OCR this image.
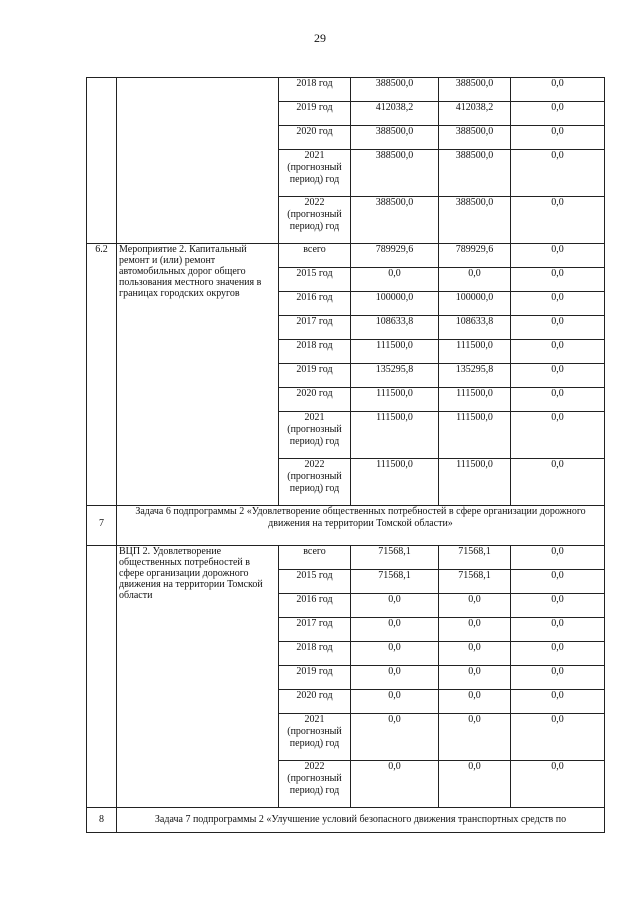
29
		2018 год	388500,0	388500,0	0,0
		2019 год	412038,2	412038,2	0,0
		2020 год	388500,0	388500,0	0,0
		2021 (прогнозный период) год	388500,0	388500,0	0,0
		2022 (прогнозный период) год	388500,0	388500,0	0,0
6.2	Мероприятие 2. Капитальный ремонт и (или) ремонт автомобильных дорог общего пользования местного значения в границах городских округов	всего	789929,6	789929,6	0,0
		2015 год	0,0	0,0	0,0
		2016 год	100000,0	100000,0	0,0
		2017 год	108633,8	108633,8	0,0
		2018 год	111500,0	111500,0	0,0
		2019 год	135295,8	135295,8	0,0
		2020 год	111500,0	111500,0	0,0
		2021 (прогнозный период) год	111500,0	111500,0	0,0
		2022 (прогнозный период) год	111500,0	111500,0	0,0
7	Задача 6 подпрограммы 2 «Удовлетворение общественных потребностей в сфере организации дорожного движения на территории Томской области»				
	ВЦП 2. Удовлетворение общественных потребностей в сфере организации дорожного движения на территории Томской области	всего	71568,1	71568,1	0,0
		2015 год	71568,1	71568,1	0,0
		2016 год	0,0	0,0	0,0
		2017 год	0,0	0,0	0,0
		2018 год	0,0	0,0	0,0
		2019 год	0,0	0,0	0,0
		2020 год	0,0	0,0	0,0
		2021 (прогнозный период) год	0,0	0,0	0,0
		2022 (прогнозный период) год	0,0	0,0	0,0
8	Задача 7 подпрограммы 2 «Улучшение условий безопасного движения транспортных средств по				
